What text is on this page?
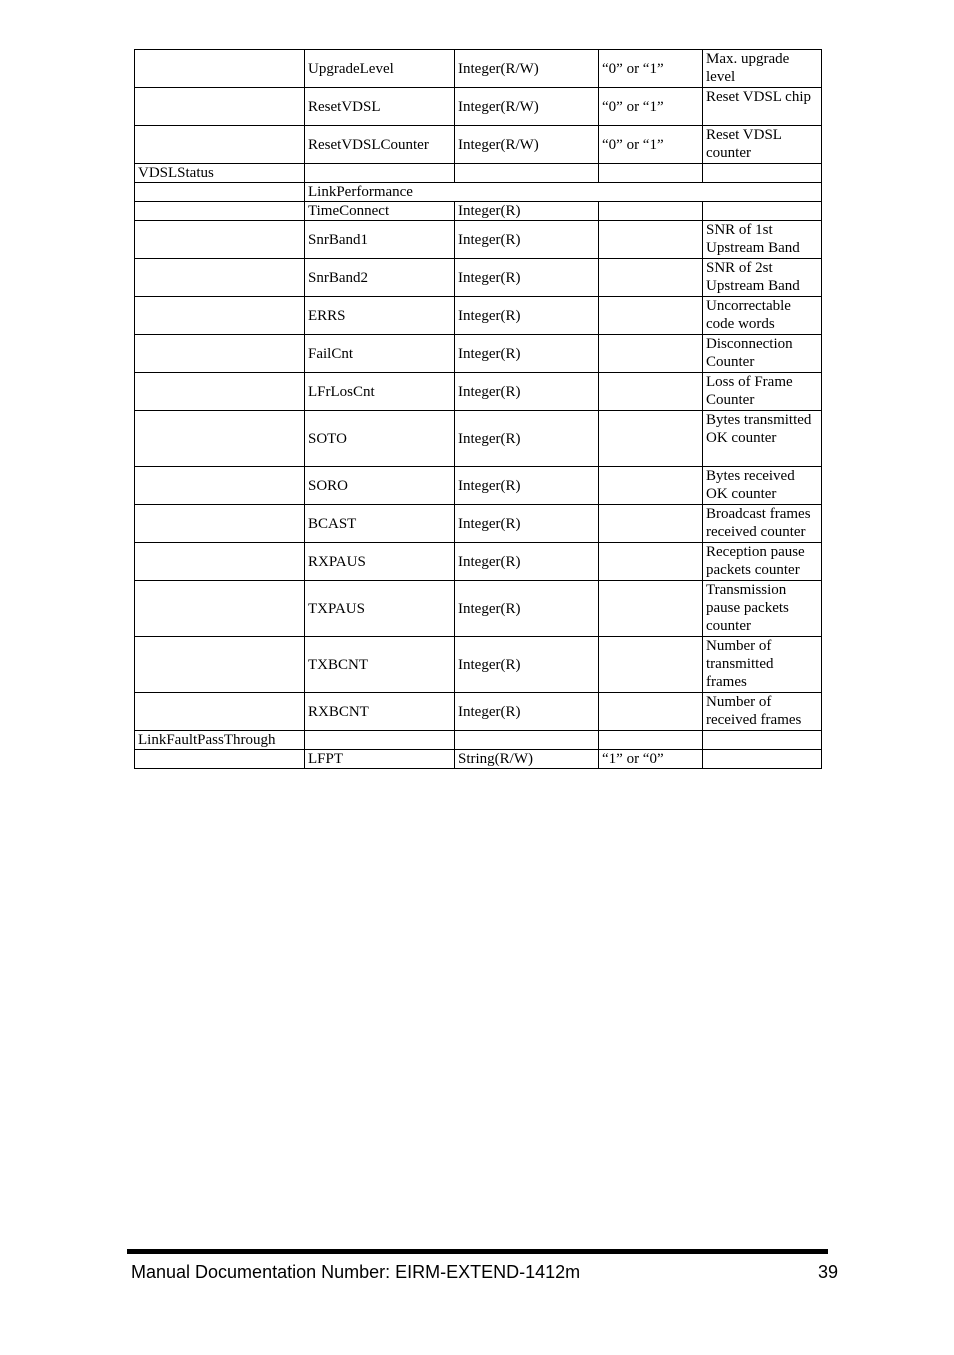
	UpgradeLevel	Integer(R/W)	“0” or “1”	Max. upgrade level
	ResetVDSL	Integer(R/W)	“0” or “1”	Reset VDSL chip
	ResetVDSLCounter	Integer(R/W)	“0” or “1”	Reset VDSL counter
VDSLStatus				
	LinkPerformance			
	TimeConnect	Integer(R)		
	SnrBand1	Integer(R)		SNR of 1st Upstream Band
	SnrBand2	Integer(R)		SNR of 2st Upstream Band
	ERRS	Integer(R)		Uncorrectable code words
	FailCnt	Integer(R)		Disconnection Counter
	LFrLosCnt	Integer(R)		Loss of Frame Counter
	SOTO	Integer(R)		Bytes transmitted OK counter
	SORO	Integer(R)		Bytes received OK counter
	BCAST	Integer(R)		Broadcast frames received counter
	RXPAUS	Integer(R)		Reception pause packets counter
	TXPAUS	Integer(R)		Transmission pause packets counter
	TXBCNT	Integer(R)		Number of transmitted frames
	RXBCNT	Integer(R)		Number of received frames
LinkFaultPassThrough				
	LFPT	String(R/W)	“1” or “0”	
Manual Documentation Number: EIRM-EXTEND-1412m	39
